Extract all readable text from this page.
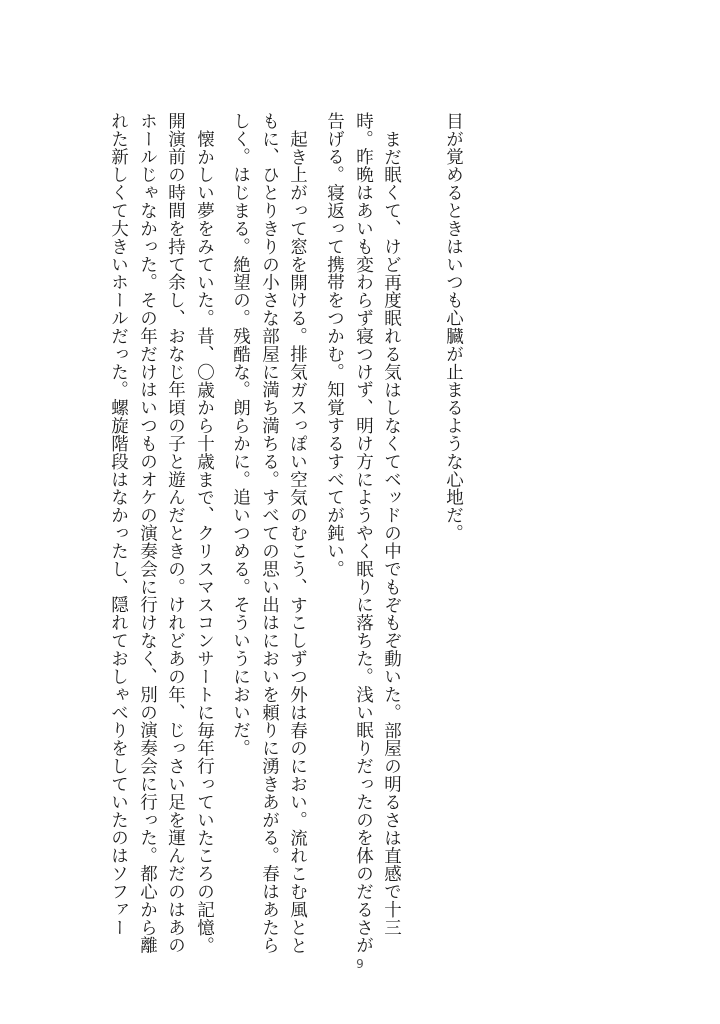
目が覚めるときはいつも心臓が止まるような心地だ。
まだ眠くて、けど再度眠れる気はしなくてベッドの中でもぞもぞ動いた。部屋の明るさは直感で十三
時。昨晩はあいも変わらず寝つけず、明け方にようやく眠りに落ちた。浅い眠りだったのを体のだるさが
告げる。寝返って携帯をつかむ。知覚するすべてが鈍い。
起き上がって窓を開ける。排気ガスっぽい空気のむこう、すこしずつ外は春のにおい。流れこむ風とと
もに、ひとりきりの小さな部屋に満ち満ちる。すべての思い出はにおいを頼りに湧きあがる。春はあたら
しく。はじまる。絶望の。残酷な。朗らかに。追いつめる。そういうにおいだ。
懐かしい夢をみていた。昔、〇歳から十歳まで、クリスマスコンサートに毎年行っていたころの記憶。
開演前の時間を持て余し、おなじ年頃の子と遊んだときの。けれどあの年、じっさい足を運んだのはあの
ホールじゃなかった。その年だけはいつものオケの演奏会に行けなく、別の演奏会に行った。都心から離
れた新しくて大きいホールだった。螺旋階段はなかったし、隠れておしゃべりをしていたのはソファー
9
